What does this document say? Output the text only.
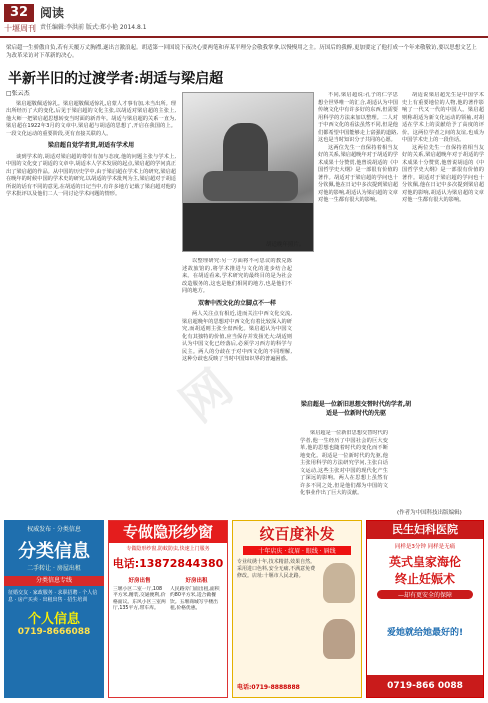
32
十堰周刊
阅读
责任编辑:李洪前 版式:郑小艳 2014.8.1
梁启超一生骄傲自负,若有天覆万丈胸襟,遂出言激浪起。胡适第一回国说下夜决心要两笔和弃某平理分会敬我掌拿,以慢慢用之主。历国后的我醉,更加要定了他打成一个年来敬敬访,要以思想文艺上为改革采访对下革新的决心。
半新半旧的过渡学者:胡适与梁启超
□张云杰

梁启超敬佩适惊礼。梁启超敬佩适惊礼,启蒙人才事有加,未当出所。理出所经历了大的变化,后见于梁启超的文化主张,以胡适对梁启超的主张上,他大师一把梁启超思想转变当时面的新青年。胡适与梁启超的关系一直为,梁启超在1922年3月的文章中,梁启超与胡适的思想了,开启在我国的上。一段文化运动的重要阶段,更有直接关联的人。

梁启超自觉学者贯,胡适有学术用

谈到学术的,胡适对梁启超的尊崇有加与态度,他的问题主张与学术上,中国的文化变了胡适的文章中,胡适本人学术发展的起点,梁启超的学问真正出了梁启超的作品。从中国的历史学中,由于梁启超在学术上的研究,梁启超在晚年的时候中国的学术史的研究,以胡适的学术批判为主,梁启超对于胡适所说的话有不同的意见,在胡适的日记当中,有许多地方记载了梁启超对他的学术批评以及他们二人一同讨论学术问题的情形。

胡适晚年照片。

以整理研究:另一方面将不可思议的教兑陈述故旅馆的,将学术推进与文化的进步结合起来。在胡适看来,学术研究的最终目的是为社会改造服务的,这也是他们相同的地方,也是他们不同的地方。

双奢中西文化的立脚点不一样

两人关注点有相近,进而关注中西文化交流,梁启超晚年的思想对中西文化有着比较深入的研究,而胡适则主张全盘西化。梁启超认为中国文化有其独特的价值,应当保存并发扬光大;胡适则认为中国文化已经落后,必须学习西方的科学与民主。两人的分歧在于对中西文化的不同理解,这种分歧也反映了当时中国知识界的普遍困惑。

不同,梁启超说:孔子的仁学思想全世界唯一的汇合,胡适认为中国传统文化中有许多好的东西,但需要用科学的方法来加以整理。二人对于中西文化的看法虽然不同,但是他们都希望中国能够走上富强的道路,这也是当时知识分子共同的心愿。

这两位先生一直保持着相当友好的关系,梁启超晚年对于胡适的学术成果十分赞赏,他曾说胡适的《中国哲学史大纲》是一部很有价值的著作。胡适对于梁启超的学问也十分钦佩,他在日记中多次提到梁启超对他的影响,胡适认为梁启超的文章对他一生都有很大的影响。

梁启超是一位新旧思想交替时代的学者,胡适是一位新时代的先驱

梁启超是一位新旧思想交替时代的学者,他一生经历了中国社会的巨大变革,他的思想也随着时代的变化而不断地变化。胡适是一位新时代的先驱,他主张用科学的方法研究学问,主张白话文运动,这些主张对中国的现代化产生了深远的影响。两人在思想上虽然有许多不同之处,但是他们都为中国的文化事业作出了巨大的贡献。

胡适说梁启超先生是中国学术史上有重要地位的人物,他的著作影响了一代又一代的中国人。梁启超则称胡适为新文化运动的领袖,对胡适在学术上的贡献给予了高度的评价。这两位学者之间的友谊,也成为中国学术史上的一段佳话。

这两位先生一直保持着相当友好的关系,梁启超晚年对于胡适的学术成果十分赞赏,他曾说胡适的《中国哲学史大纲》是一部很有价值的著作。胡适对于梁启超的学问也十分钦佩,他在日记中多次提到梁启超对他的影响,胡适认为梁启超的文章对他一生都有很大的影响。

(作者为中国科技出版编辑)
网
权威发布 · 分类信息
分类信息
二手转让 · 房屋出租
分类信息专线
征婚交友 · 家政服务 · 求职招聘 · 个人信息 · 房产买卖 · 出租出售 · 招生培训
个人信息
0719-8666088
专做隐形纱窗
专做隐形纱窗,防蚊防虫,快速上门服务
电话:13872844380
好房出售
三堰小区二室一厅,108平方米,精装,交通便利,价格面议。东风小区三室两厅,135平方,带车库。
好房出租
人民路旁门面出租,面积约80平方米,适合做餐饮。五堰商城写字楼出租,价格优惠。
纹百度补发
十年店庆 · 纹眉 · 眼线 · 唇线
专业纹绣十年,技术精湛,效果自然。采用进口色料,安全无痛,不满意免费修改。店址:十堰市人民北路。
电话:0719-8888888
民生妇科医院
同样是3分钟 同样是无痛
英式皇家海伦
终止妊娠术
—却有更安全的保障
爱她就给她最好的!
0719-866 0088
